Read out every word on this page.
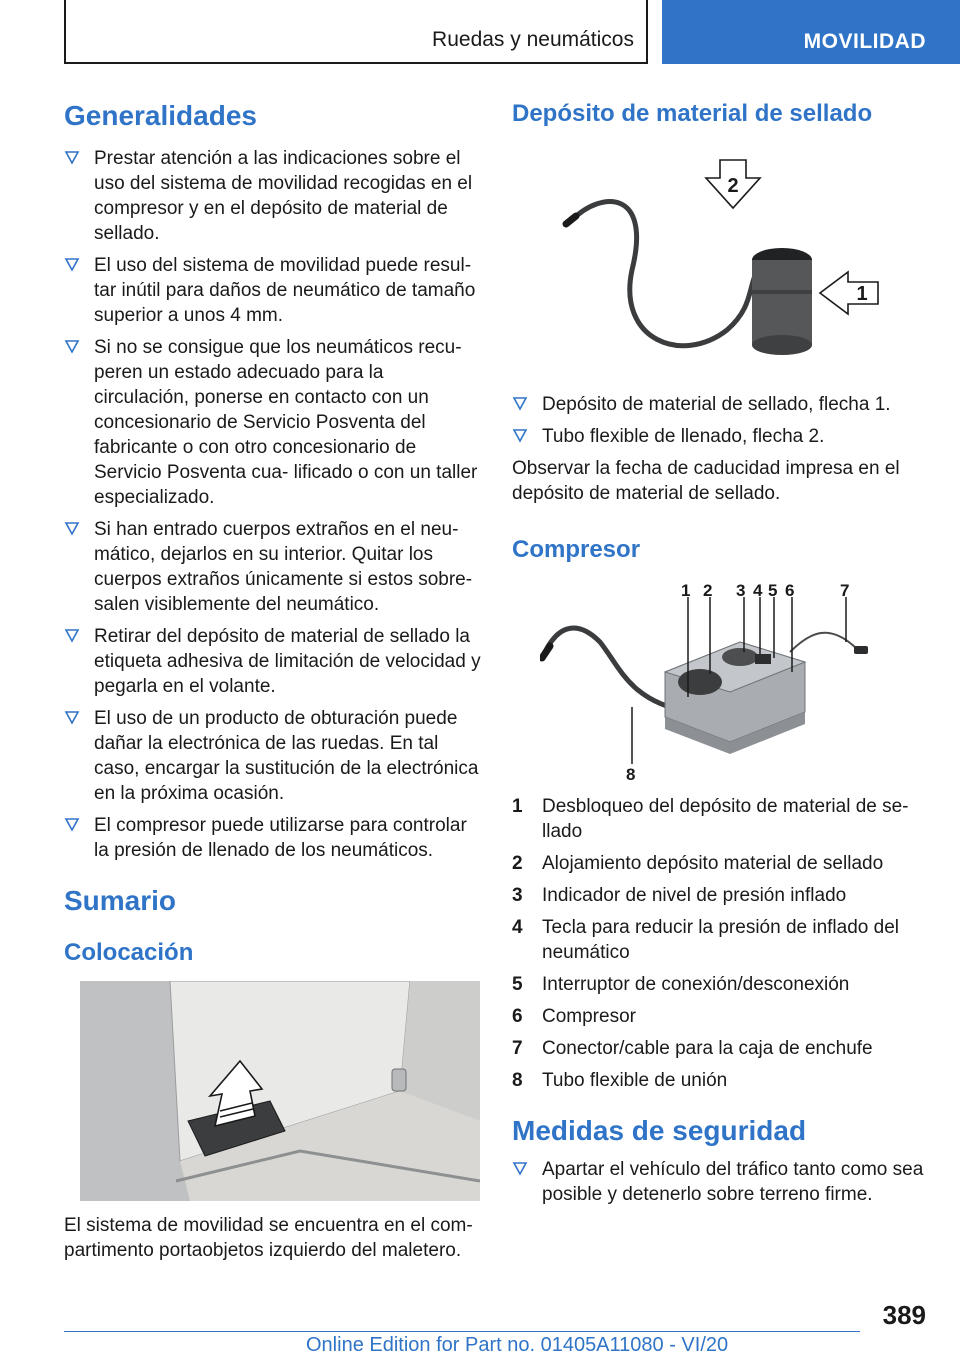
Ruedas y neumáticos	MOVILIDAD
Generalidades
Prestar atención a las indicaciones sobre el uso del sistema de movilidad recogidas en el compresor y en el depósito de material de sellado.
El uso del sistema de movilidad puede resul‐ tar inútil para daños de neumático de tamaño superior a unos 4 mm.
Si no se consigue que los neumáticos recu‐ peren un estado adecuado para la circulación, ponerse en contacto con un concesionario de Servicio Posventa del fabricante o con otro concesionario de Servicio Posventa cua‐ lificado o con un taller especializado.
Si han entrado cuerpos extraños en el neu‐ mático, dejarlos en su interior. Quitar los cuerpos extraños únicamente si estos sobre‐ salen visiblemente del neumático.
Retirar del depósito de material de sellado la etiqueta adhesiva de limitación de velocidad y pegarla en el volante.
El uso de un producto de obturación puede dañar la electrónica de las ruedas. En tal caso, encargar la sustitución de la electrónica en la próxima ocasión.
El compresor puede utilizarse para controlar la presión de llenado de los neumáticos.
Sumario
Colocación

El sistema de movilidad se encuentra en el com‐ partimento portaobjetos izquierdo del maletero.

Depósito de material de sellado
2
1
Depósito de material de sellado, flecha 1.
Tubo flexible de llenado, flecha 2.

Observar la fecha de caducidad impresa en el depósito de material de sellado.

Compresor
1 2 3 4 5 6	7
8
1 Desbloqueo del depósito de material de se‐ llado
2 Alojamiento depósito material de sellado
3 Indicador de nivel de presión inflado
4 Tecla para reducir la presión de inflado del neumático
5 Interruptor de conexión/desconexión
6 Compresor
7 Conector/cable para la caja de enchufe
8 Tubo flexible de unión
Medidas de seguridad
Apartar el vehículo del tráfico tanto como sea posible y detenerlo sobre terreno firme.
389
Online Edition for Part no. 01405A11080 - VI/20
